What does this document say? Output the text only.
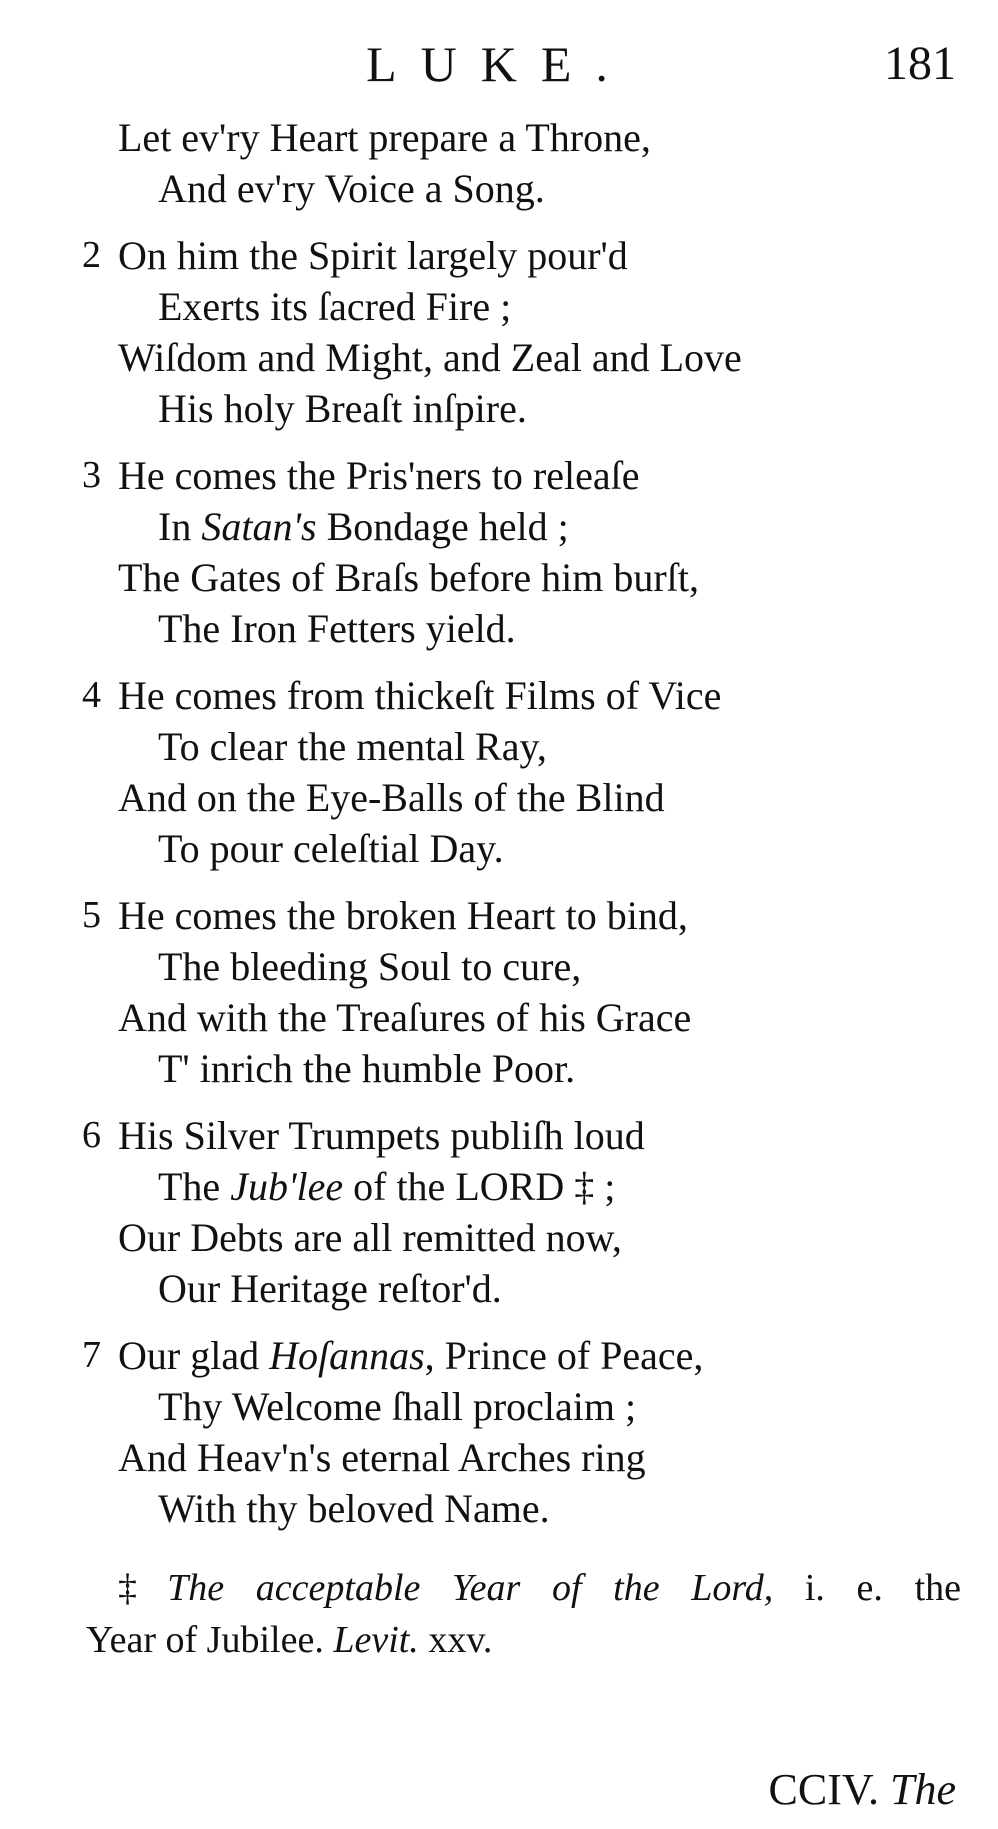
LUKE.	181
Let ev'ry Heart prepare a Throne,
And ev'ry Voice a Song.
2 On him the Spirit largely pour'd
Exerts its ſacred Fire ;
Wiſdom and Might, and Zeal and Love
His holy Breaſt inſpire.
3 He comes the Pris'ners to releaſe
In Satan's Bondage held ;
The Gates of Braſs before him burſt,
The Iron Fetters yield.
4 He comes from thickeſt Films of Vice
To clear the mental Ray,
And on the Eye-Balls of the Blind
To pour celeſtial Day.
5 He comes the broken Heart to bind,
The bleeding Soul to cure,
And with the Treaſures of his Grace
T' inrich the humble Poor.
6 His Silver Trumpets publiſh loud
The Jub'lee of the LORD ‡ ;
Our Debts are all remitted now,
Our Heritage reſtor'd.
7 Our glad Hoſannas, Prince of Peace,
Thy Welcome ſhall proclaim ;
And Heav'n's eternal Arches ring
With thy beloved Name.
‡ The acceptable Year of the Lord, i. e. the
Year of Jubilee. Levit. xxv.
CCIV. The
